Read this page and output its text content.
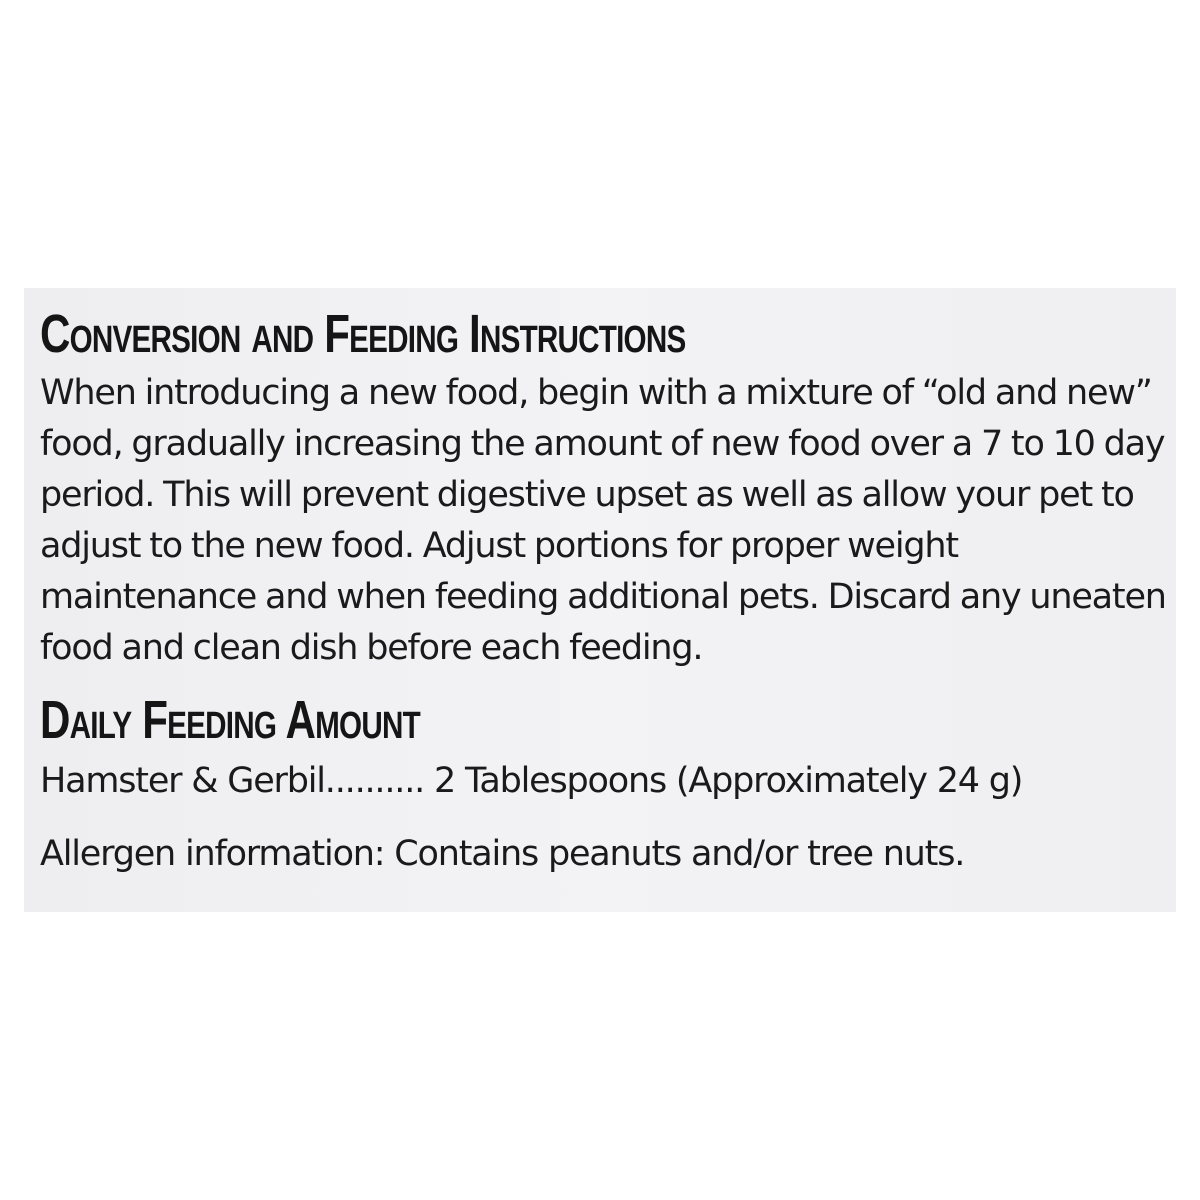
Conversion and Feeding Instructions

When introducing a new food, begin with a mixture of “old and new” food, gradually increasing the amount of new food over a 7 to 10 day period. This will prevent digestive upset as well as allow your pet to adjust to the new food. Adjust portions for proper weight maintenance and when feeding additional pets. Discard any uneaten food and clean dish before each feeding.

Daily Feeding Amount

Hamster & Gerbil.......... 2 Tablespoons (Approximately 24 g)

Allergen information: Contains peanuts and/or tree nuts.
